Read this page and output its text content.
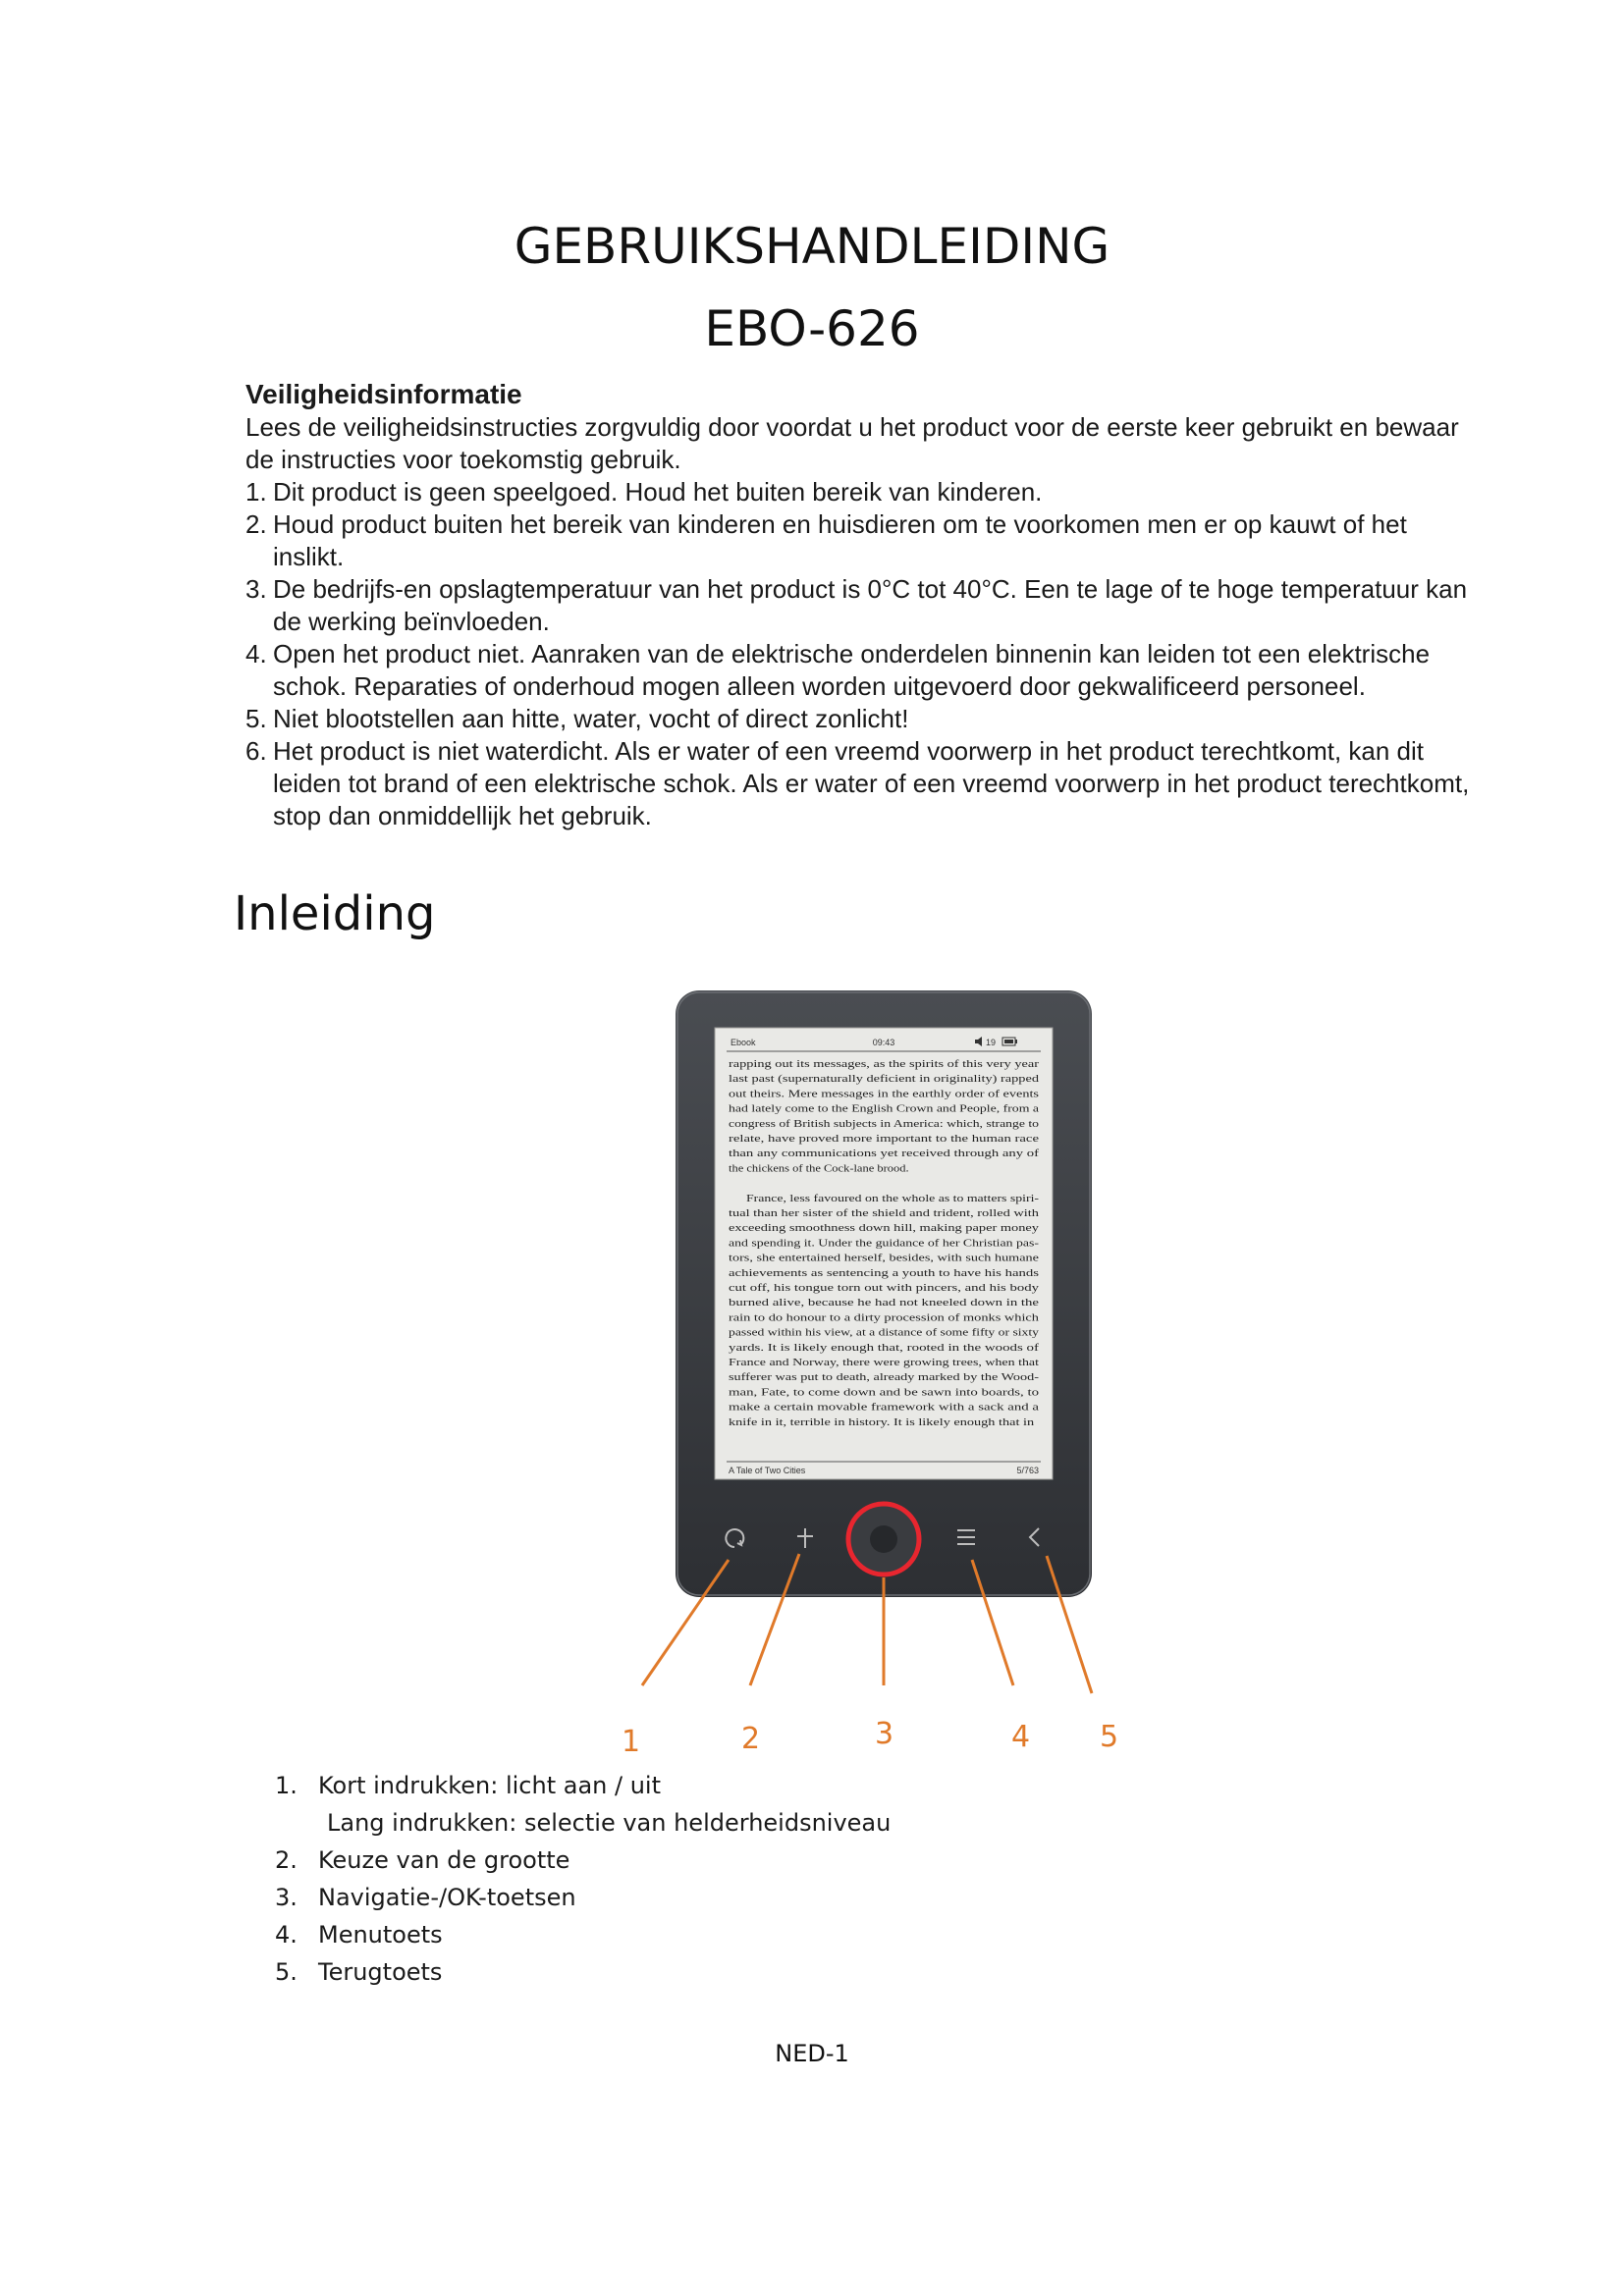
GEBRUIKSHANDLEIDING
EBO-626
Veiligheidsinformatie

Lees de veiligheidsinstructies zorgvuldig door voordat u het product voor de eerste keer gebruikt en bewaar de instructies voor toekomstig gebruik.

1. Dit product is geen speelgoed. Houd het buiten bereik van kinderen.
2. Houd product buiten het bereik van kinderen en huisdieren om te voorkomen men er op kauwt of het inslikt.
3. De bedrijfs-en opslagtemperatuur van het product is 0°C tot 40°C. Een te lage of te hoge temperatuur kan de werking beïnvloeden.
4. Open het product niet. Aanraken van de elektrische onderdelen binnenin kan leiden tot een elektrische schok. Reparaties of onderhoud mogen alleen worden uitgevoerd door gekwalificeerd personeel.
5. Niet blootstellen aan hitte, water, vocht of direct zonlicht!
6. Het product is niet waterdicht. Als er water of een vreemd voorwerp in het product terechtkomt, kan dit leiden tot brand of een elektrische schok. Als er water of een vreemd voorwerp in het product terechtkomt, stop dan onmiddellijk het gebruik.
Inleiding
Ebook	09:43	19
rapping out its messages, as the spirits of this very year
last past (supernaturally deficient in originality) rapped
out theirs. Mere messages in the earthly order of events
had lately come to the English Crown and People, from a
congress of British subjects in America: which, strange to
relate, have proved more important to the human race
than any communications yet received through any of
the chickens of the Cock-lane brood.
France, less favoured on the whole as to matters spiri-
tual than her sister of the shield and trident, rolled with
exceeding smoothness down hill, making paper money
and spending it. Under the guidance of her Christian pas-
tors, she entertained herself, besides, with such humane
achievements as sentencing a youth to have his hands
cut off, his tongue torn out with pincers, and his body
burned alive, because he had not kneeled down in the
rain to do honour to a dirty procession of monks which
passed within his view, at a distance of some fifty or sixty
yards. It is likely enough that, rooted in the woods of
France and Norway, there were growing trees, when that
sufferer was put to death, already marked by the Wood-
man, Fate, to come down and be sawn into boards, to
make a certain movable framework with a sack and a
knife in it, terrible in history. It is likely enough that in
A Tale of Two Cities	5/763
1	2	3	4 5
1. Kort indrukken: licht aan / uit
Lang indrukken: selectie van helderheidsniveau
2. Keuze van de grootte
3. Navigatie-/OK-toetsen
4. Menutoets
5. Terugtoets
NED-1
